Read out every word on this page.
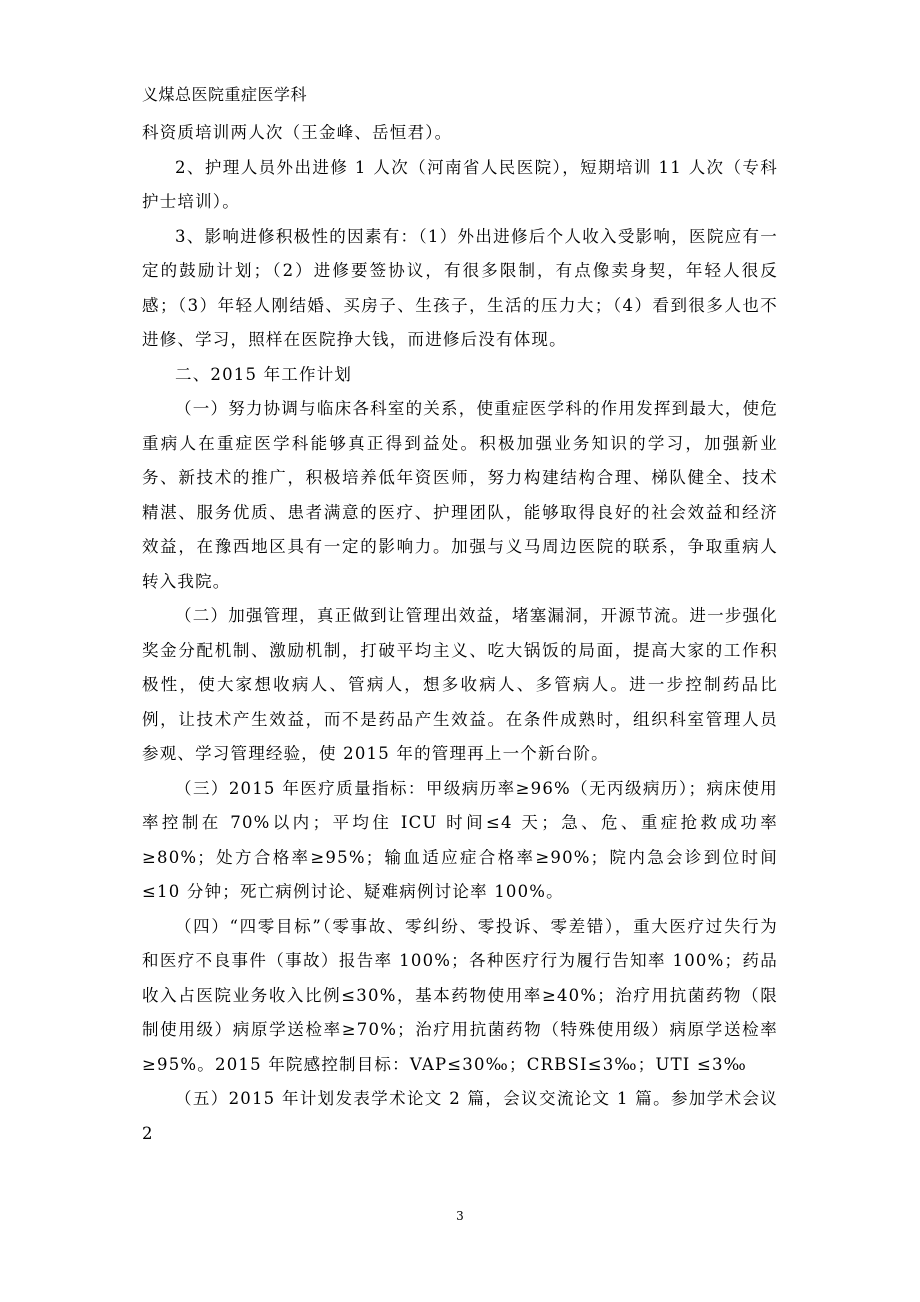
义煤总医院重症医学科

科资质培训两人次（王金峰、岳恒君）。

2、护理人员外出进修 1 人次（河南省人民医院），短期培训 11 人次（专科护士培训）。

3、影响进修积极性的因素有：（1）外出进修后个人收入受影响，医院应有一定的鼓励计划；（2）进修要签协议，有很多限制，有点像卖身契，年轻人很反感；（3）年轻人刚结婚、买房子、生孩子，生活的压力大；（4）看到很多人也不进修、学习，照样在医院挣大钱，而进修后没有体现。

二、2015 年工作计划

（一）努力协调与临床各科室的关系，使重症医学科的作用发挥到最大，使危重病人在重症医学科能够真正得到益处。积极加强业务知识的学习，加强新业务、新技术的推广，积极培养低年资医师，努力构建结构合理、梯队健全、技术精湛、服务优质、患者满意的医疗、护理团队，能够取得良好的社会效益和经济效益，在豫西地区具有一定的影响力。加强与义马周边医院的联系，争取重病人转入我院。

（二）加强管理，真正做到让管理出效益，堵塞漏洞，开源节流。进一步强化奖金分配机制、激励机制，打破平均主义、吃大锅饭的局面，提高大家的工作积极性，使大家想收病人、管病人，想多收病人、多管病人。进一步控制药品比例，让技术产生效益，而不是药品产生效益。在条件成熟时，组织科室管理人员参观、学习管理经验，使 2015 年的管理再上一个新台阶。

（三）2015 年医疗质量指标：甲级病历率≥96%（无丙级病历）；病床使用率控制在 70%以内；平均住 ICU 时间≤4 天；急、危、重症抢救成功率≥80%；处方合格率≥95%；输血适应症合格率≥90%；院内急会诊到位时间≤10 分钟；死亡病例讨论、疑难病例讨论率 100%。

（四）“四零目标”（零事故、零纠纷、零投诉、零差错），重大医疗过失行为和医疗不良事件（事故）报告率 100%；各种医疗行为履行告知率 100%；药品收入占医院业务收入比例≤30%，基本药物使用率≥40%；治疗用抗菌药物（限制使用级）病原学送检率≥70%；治疗用抗菌药物（特殊使用级）病原学送检率≥95%。2015 年院感控制目标：VAP≤30‰；CRBSI≤3‰；UTI ≤3‰

（五）2015 年计划发表学术论文 2 篇，会议交流论文 1 篇。参加学术会议 2

3
